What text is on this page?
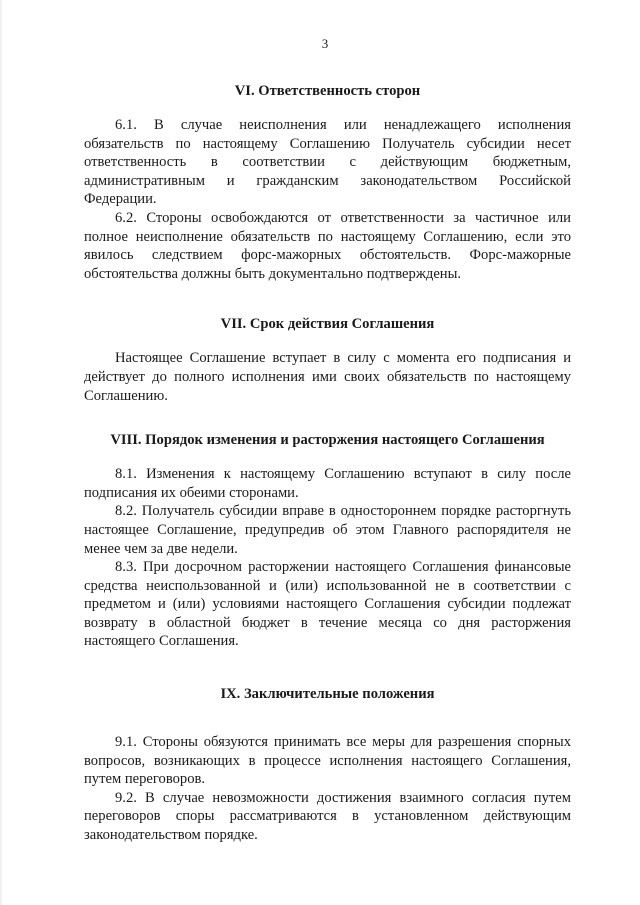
3
VI. Ответственность сторон

6.1. В случае неисполнения или ненадлежащего исполнения обязательств по настоящему Соглашению Получатель субсидии несет ответственность в соответствии с действующим бюджетным, административным и гражданским законодательством Российской Федерации.

6.2. Стороны освобождаются от ответственности за частичное или полное неисполнение обязательств по настоящему Соглашению, если это явилось следствием форс-мажорных обстоятельств. Форс-мажорные обстоятельства должны быть документально подтверждены.

VII. Срок действия Соглашения

Настоящее Соглашение вступает в силу с момента его подписания и действует до полного исполнения ими своих обязательств по настоящему Соглашению.

VIII. Порядок изменения и расторжения настоящего Соглашения

8.1. Изменения к настоящему Соглашению вступают в силу после подписания их обеими сторонами.

8.2. Получатель субсидии вправе в одностороннем порядке расторгнуть настоящее Соглашение, предупредив об этом Главного распорядителя не менее чем за две недели.

8.3. При досрочном расторжении настоящего Соглашения финансовые средства неиспользованной и (или) использованной не в соответствии с предметом и (или) условиями настоящего Соглашения субсидии подлежат возврату в областной бюджет в течение месяца со дня расторжения настоящего Соглашения.

IX. Заключительные положения

9.1. Стороны обязуются принимать все меры для разрешения спорных вопросов, возникающих в процессе исполнения настоящего Соглашения, путем переговоров.

9.2. В случае невозможности достижения взаимного согласия путем переговоров споры рассматриваются в установленном действующим законодательством порядке.
